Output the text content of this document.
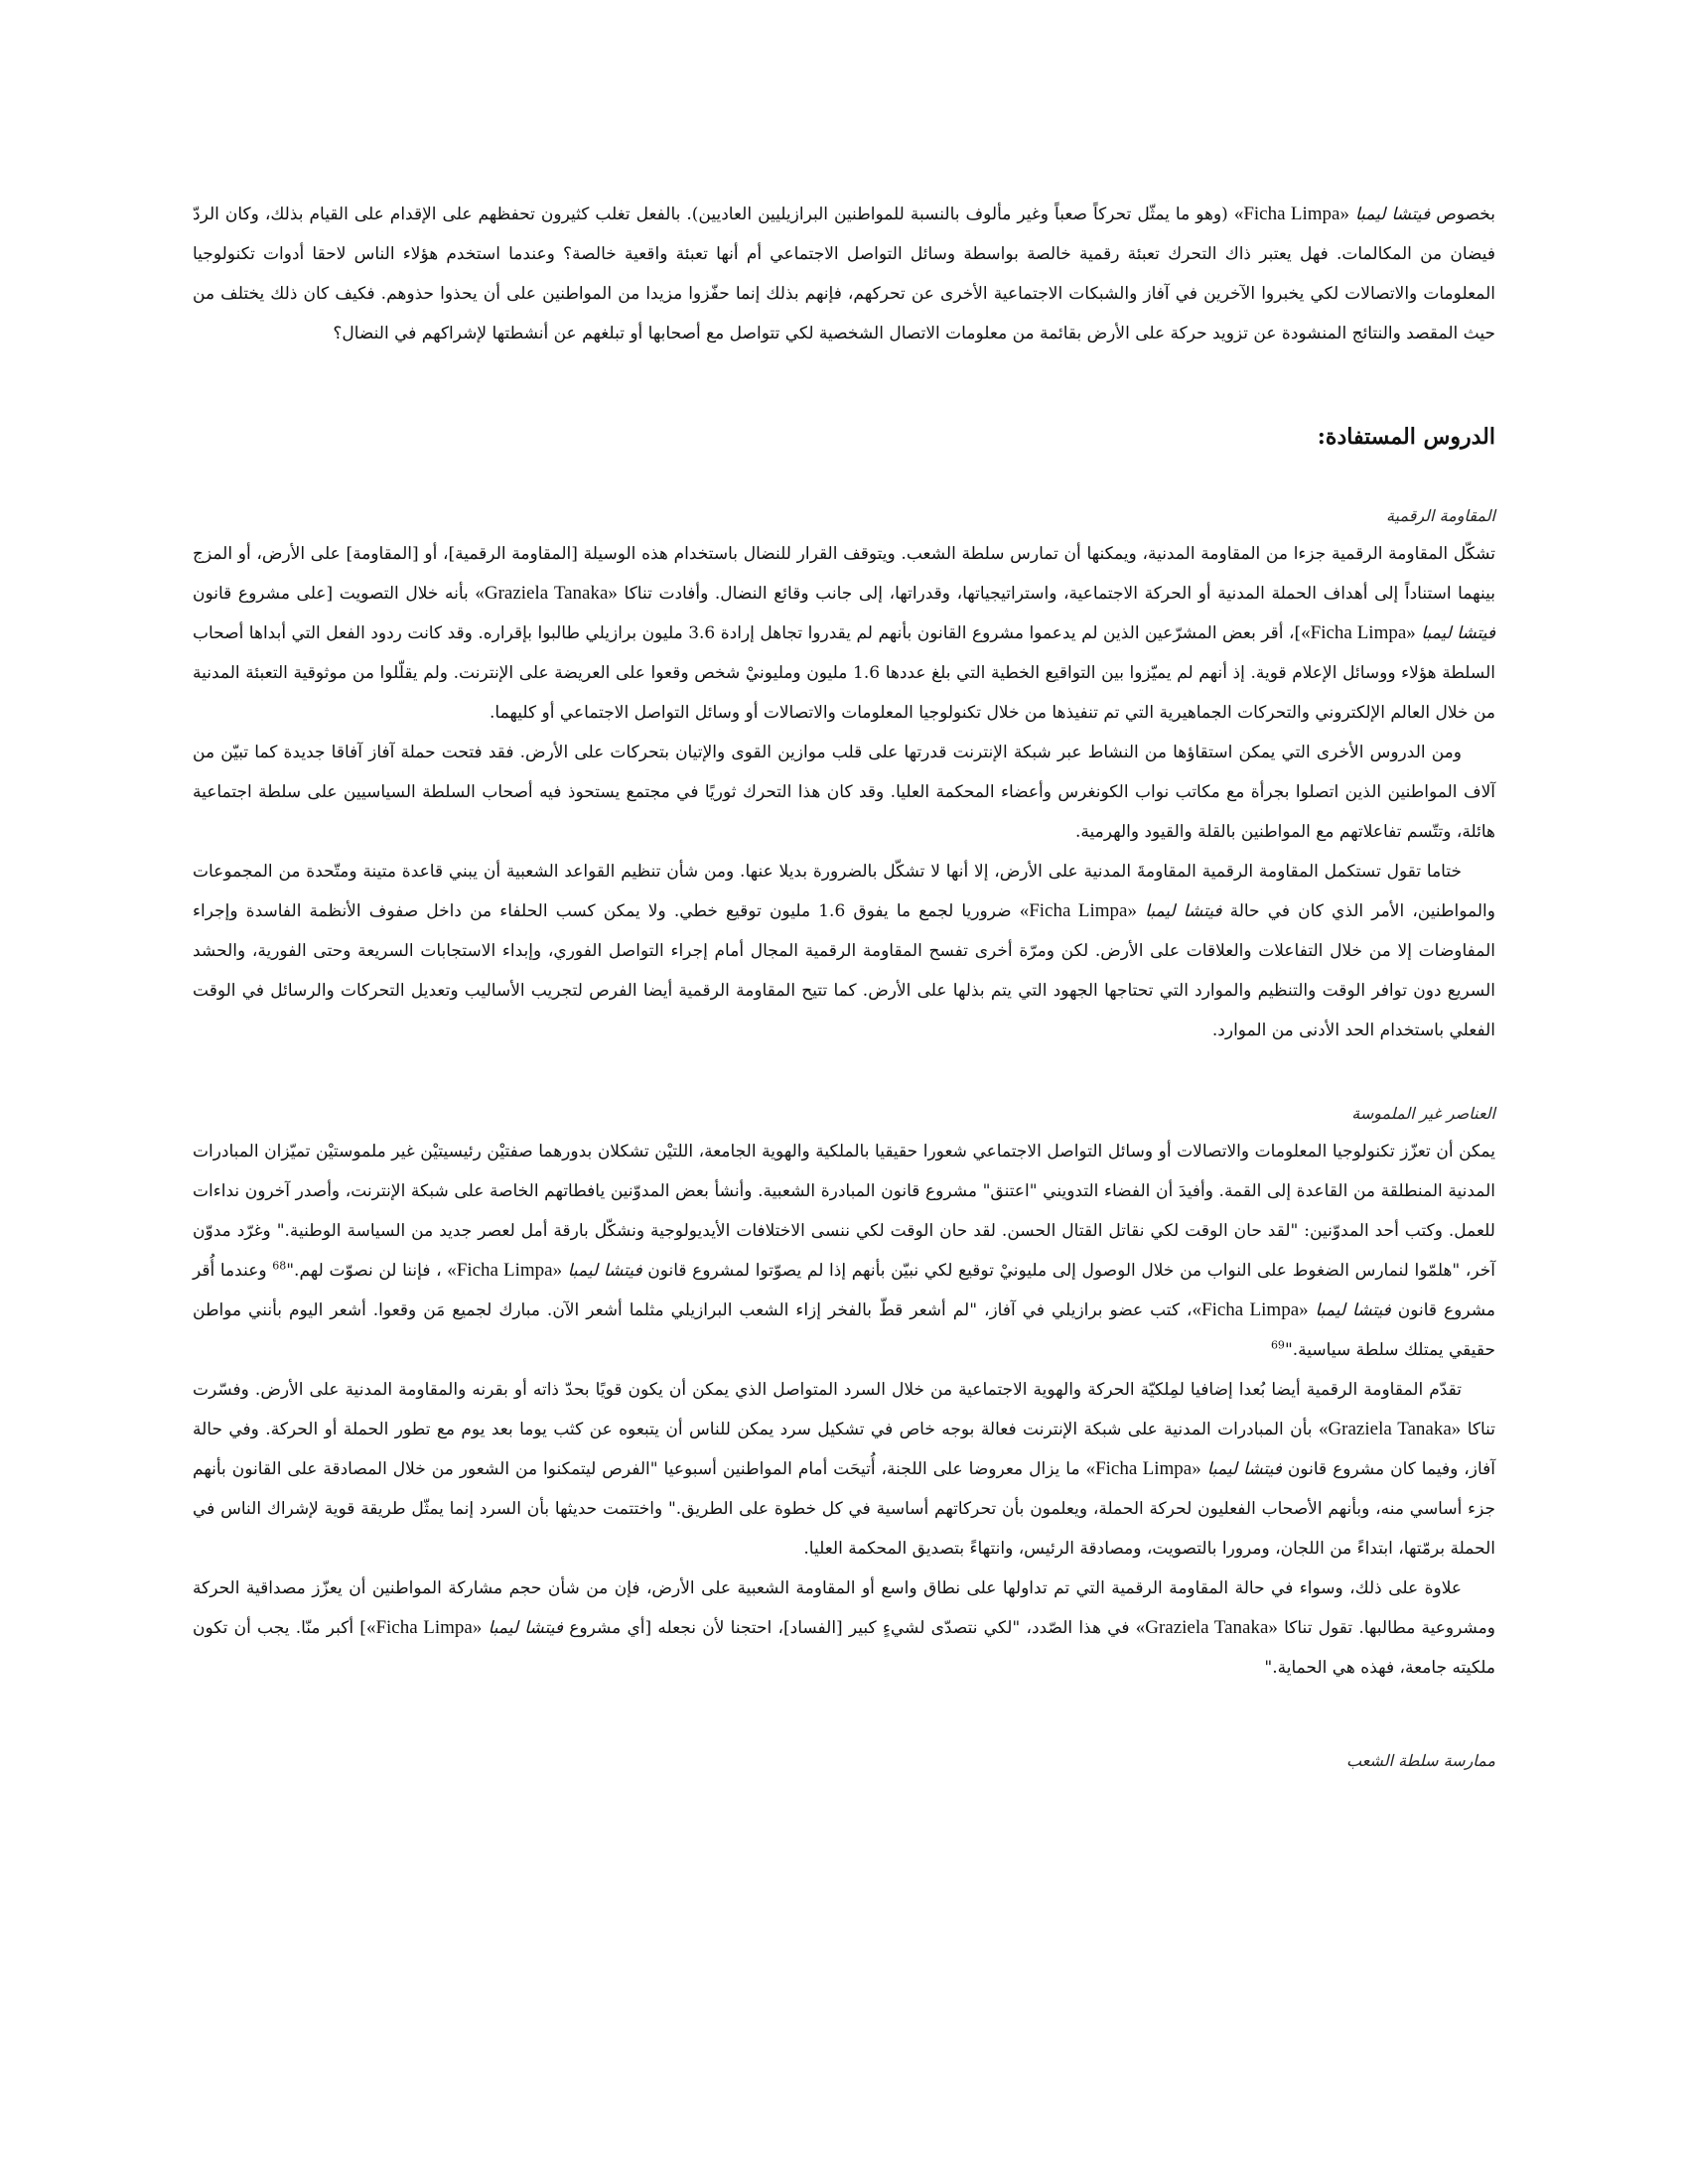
بخصوص فيتشا ليمبا «Ficha Limpa» (وهو ما يمثّل تحركاً صعباً وغير مألوف بالنسبة للمواطنين البرازيليين العاديين). بالفعل تغلب كثيرون تحفظهم على الإقدام على القيام بذلك، وكان الردّ فيضان من المكالمات. فهل يعتبر ذاك التحرك تعبئة رقمية خالصة بواسطة وسائل التواصل الاجتماعي أم أنها تعبئة واقعية خالصة؟ وعندما استخدم هؤلاء الناس لاحقا أدوات تكنولوجيا المعلومات والاتصالات لكي يخبروا الآخرين في آفاز والشبكات الاجتماعية الأخرى عن تحركهم، فإنهم بذلك إنما حفّزوا مزيدا من المواطنين على أن يحذوا حذوهم. فكيف كان ذلك يختلف من حيث المقصد والنتائج المنشودة عن تزويد حركة على الأرض بقائمة من معلومات الاتصال الشخصية لكي تتواصل مع أصحابها أو تبلغهم عن أنشطتها لإشراكهم في النضال؟

الدروس المستفادة:
المقاومة الرقمية

تشكّل المقاومة الرقمية جزءا من المقاومة المدنية، ويمكنها أن تمارس سلطة الشعب. ويتوقف القرار للنضال باستخدام هذه الوسيلة [المقاومة الرقمية]، أو [المقاومة] على الأرض، أو المزج بينهما استناداً إلى أهداف الحملة المدنية أو الحركة الاجتماعية، واستراتيجياتها، وقدراتها، إلى جانب وقائع النضال. وأفادت تناكا «Graziela Tanaka» بأنه خلال التصويت [على مشروع قانون فيتشا ليمبا «Ficha Limpa»]، أقر بعض المشرّعين الذين لم يدعموا مشروع القانون بأنهم لم يقدروا تجاهل إرادة 3.6 مليون برازيلي طالبوا بإقراره. وقد كانت ردود الفعل التي أبداها أصحاب السلطة هؤلاء ووسائل الإعلام قوية. إذ أنهم لم يميّزوا بين التواقيع الخطية التي بلغ عددها 1.6 مليون ومليونيْ شخص وقعوا على العريضة على الإنترنت. ولم يقلّلوا من موثوقية التعبئة المدنية من خلال العالم الإلكتروني والتحركات الجماهيرية التي تم تنفيذها من خلال تكنولوجيا المعلومات والاتصالات أو وسائل التواصل الاجتماعي أو كليهما.

ومن الدروس الأخرى التي يمكن استقاؤها من النشاط عبر شبكة الإنترنت قدرتها على قلب موازين القوى والإتيان بتحركات على الأرض. فقد فتحت حملة آفاز آفاقا جديدة كما تبيّن من آلاف المواطنين الذين اتصلوا بجرأة مع مكاتب نواب الكونغرس وأعضاء المحكمة العليا. وقد كان هذا التحرك ثوريًا في مجتمع يستحوذ فيه أصحاب السلطة السياسيين على سلطة اجتماعية هائلة، وتتّسم تفاعلاتهم مع المواطنين بالقلة والقيود والهرمية.

ختاما تقول تستكمل المقاومة الرقمية المقاومةَ المدنية على الأرض، إلا أنها لا تشكّل بالضرورة بديلا عنها. ومن شأن تنظيم القواعد الشعبية أن يبني قاعدة متينة ومتّحدة من المجموعات والمواطنين، الأمر الذي كان في حالة فيتشا ليمبا «Ficha Limpa» ضروريا لجمع ما يفوق 1.6 مليون توقيع خطي. ولا يمكن كسب الحلفاء من داخل صفوف الأنظمة الفاسدة وإجراء المفاوضات إلا من خلال التفاعلات والعلاقات على الأرض. لكن ومرّة أخرى تفسح المقاومة الرقمية المجال أمام إجراء التواصل الفوري، وإبداء الاستجابات السريعة وحتى الفورية، والحشد السريع دون توافر الوقت والتنظيم والموارد التي تحتاجها الجهود التي يتم بذلها على الأرض. كما تتيح المقاومة الرقمية أيضا الفرص لتجريب الأساليب وتعديل التحركات والرسائل في الوقت الفعلي باستخدام الحد الأدنى من الموارد.

العناصر غير الملموسة

يمكن أن تعزّز تكنولوجيا المعلومات والاتصالات أو وسائل التواصل الاجتماعي شعورا حقيقيا بالملكية والهوية الجامعة، اللتيْن تشكلان بدورهما صفتيْن رئيسيتيْن غير ملموستيْن تميّزان المبادرات المدنية المنطلقة من القاعدة إلى القمة. وأفيدَ أن الفضاء التدويني "اعتنق" مشروع قانون المبادرة الشعبية. وأنشأ بعض المدوّنين يافطاتهم الخاصة على شبكة الإنترنت، وأصدر آخرون نداءات للعمل. وكتب أحد المدوّنين: "لقد حان الوقت لكي نقاتل القتال الحسن. لقد حان الوقت لكي ننسى الاختلافات الأيديولوجية ونشكّل بارقة أمل لعصر جديد من السياسة الوطنية." وغرّد مدوّن آخر، "هلمّوا لنمارس الضغوط على النواب من خلال الوصول إلى مليونيْ توقيع لكي نبيّن بأنهم إذا لم يصوّتوا لمشروع قانون فيتشا ليمبا «Ficha Limpa» ، فإننا لن نصوّت لهم."$^{68}$ وعندما أُقر مشروع قانون فيتشا ليمبا «Ficha Limpa»، كتب عضو برازيلي في آفاز، "لم أشعر قطّ بالفخر إزاء الشعب البرازيلي مثلما أشعر الآن. مبارك لجميع مَن وقعوا. أشعر اليوم بأنني مواطن حقيقي يمتلك سلطة سياسية."$^{69}$

تقدّم المقاومة الرقمية أيضا بُعدا إضافيا لمِلكيّة الحركة والهوية الاجتماعية من خلال السرد المتواصل الذي يمكن أن يكون قويًا بحدّ ذاته أو بقرنه والمقاومة المدنية على الأرض. وفسّرت تناكا «Graziela Tanaka» بأن المبادرات المدنية على شبكة الإنترنت فعالة بوجه خاص في تشكيل سرد يمكن للناس أن يتبعوه عن كثب يوما بعد يوم مع تطور الحملة أو الحركة. وفي حالة آفاز، وفيما كان مشروع قانون فيتشا ليمبا «Ficha Limpa» ما يزال معروضا على اللجنة، أُتيحَت أمام المواطنين أسبوعيا "الفرص ليتمكنوا من الشعور من خلال المصادقة على القانون بأنهم جزء أساسي منه، وبأنهم الأصحاب الفعليون لحركة الحملة، ويعلمون بأن تحركاتهم أساسية في كل خطوة على الطريق." واختتمت حديثها بأن السرد إنما يمثّل طريقة قوية لإشراك الناس في الحملة برمّتها، ابتداءً من اللجان، ومرورا بالتصويت، ومصادقة الرئيس، وانتهاءً بتصديق المحكمة العليا.

علاوة على ذلك، وسواء في حالة المقاومة الرقمية التي تم تداولها على نطاق واسع أو المقاومة الشعبية على الأرض، فإن من شأن حجم مشاركة المواطنين أن يعزّز مصداقية الحركة ومشروعية مطالبها. تقول تناكا «Graziela Tanaka» في هذا الصّدد، "لكي نتصدّى لشيءٍ كبير [الفساد]، احتجنا لأن نجعله [أي مشروع فيتشا ليمبا «Ficha Limpa»] أكبر منّا. يجب أن تكون ملكيته جامعة، فهذه هي الحماية."

ممارسة سلطة الشعب
